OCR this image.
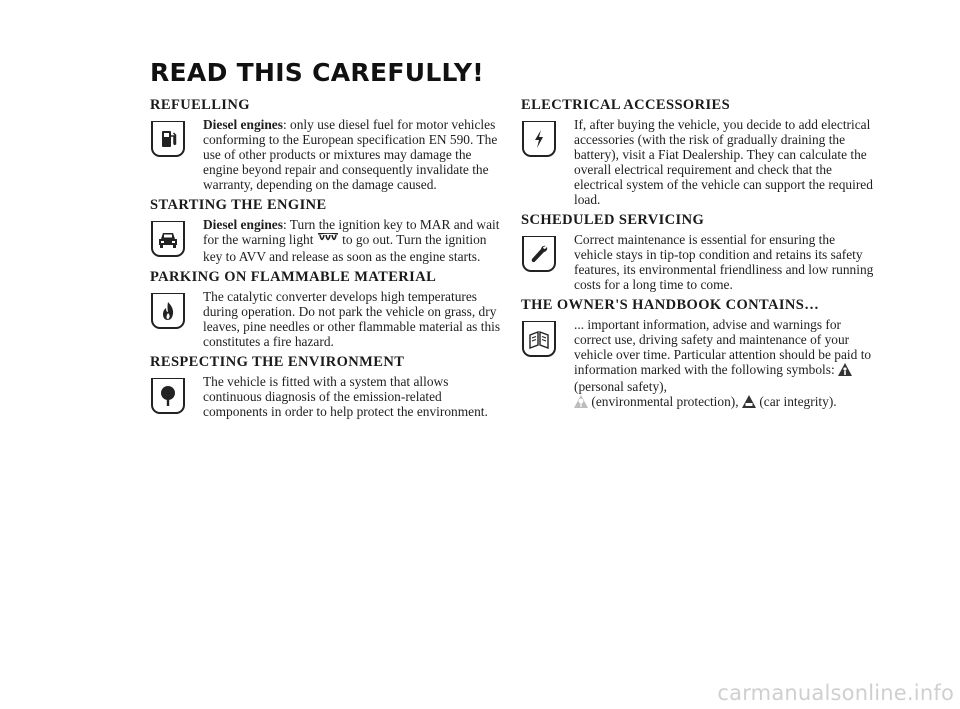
READ THIS CAREFULLY!
REFUELLING
Diesel engines: only use diesel fuel for motor vehicles conforming to the European specification EN 590. The use of other products or mixtures may damage the engine beyond repair and consequently invalidate the warranty, depending on the damage caused.
STARTING THE ENGINE
Diesel engines: Turn the ignition key to MAR and wait for the warning light  to go out. Turn the ignition key to AVV and release as soon as the engine starts.
PARKING ON FLAMMABLE MATERIAL
The catalytic converter develops high temperatures during operation. Do not park the vehicle on grass, dry leaves, pine needles or other flammable material as this constitutes a fire hazard.
RESPECTING THE ENVIRONMENT
The vehicle is fitted with a system that allows continuous diagnosis of the emission-related components in order to help protect the environment.
ELECTRICAL ACCESSORIES
If, after buying the vehicle, you decide to add electrical accessories (with the risk of gradually draining the battery), visit a Fiat Dealership. They can calculate the overall electrical requirement and check that the electrical system of the vehicle can support the required load.
SCHEDULED SERVICING
Correct maintenance is essential for ensuring the vehicle stays in tip-top condition and retains its safety features, its environmental friendliness and low running costs for a long time to come.
THE OWNER'S HANDBOOK CONTAINS…
... important information, advise and warnings for correct use, driving safety and maintenance of your vehicle over time. Particular attention should be paid to information marked with the following symbols:  (personal safety),
(environmental protection), (car integrity).
carmanualsonline.info
